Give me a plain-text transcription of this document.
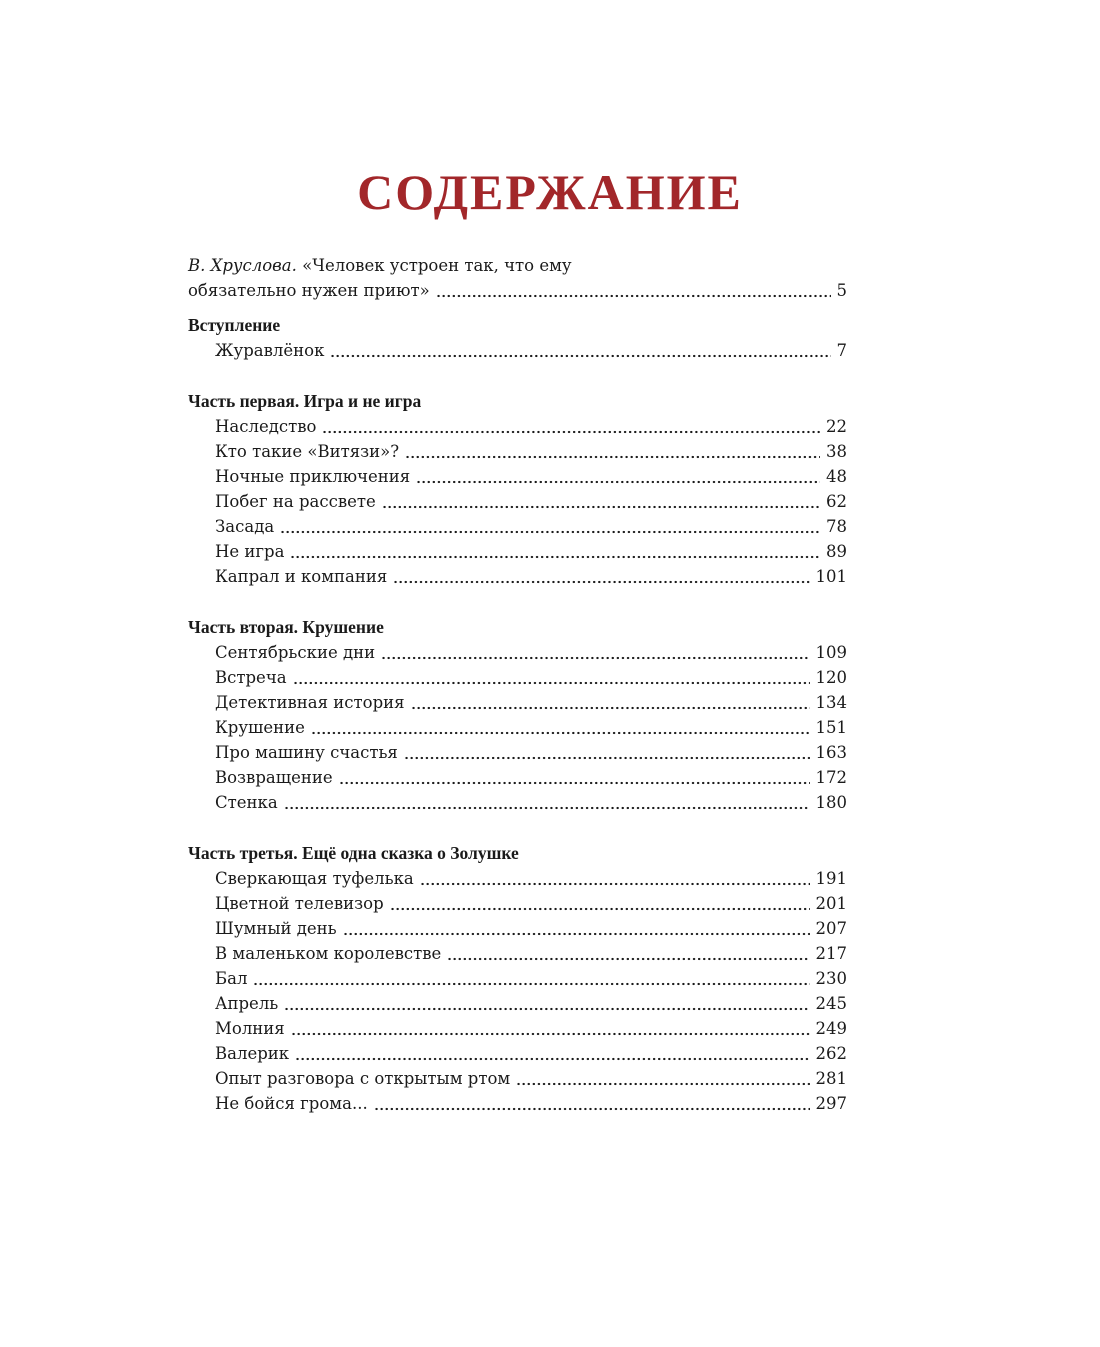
СОДЕРЖАНИЕ
В. Хруслова. «Человек устроен так, что ему
обязательно нужен приют»	5
Вступление
Журавлёнок	7
Часть первая. Игра и не игра
Наследство	22
Кто такие «Витязи»?	38
Ночные приключения	48
Побег на рассвете	62
Засада	78
Не игра	89
Капрал и компания	101
Часть вторая. Крушение
Сентябрьские дни	109
Встреча	120
Детективная история	134
Крушение	151
Про машину счастья	163
Возвращение	172
Стенка	180
Часть третья. Ещё одна сказка о Золушке
Сверкающая туфелька	191
Цветной телевизор	201
Шумный день	207
В маленьком королевстве	217
Бал	230
Апрель	245
Молния	249
Валерик	262
Опыт разговора с открытым ртом	281
Не бойся грома...	297
